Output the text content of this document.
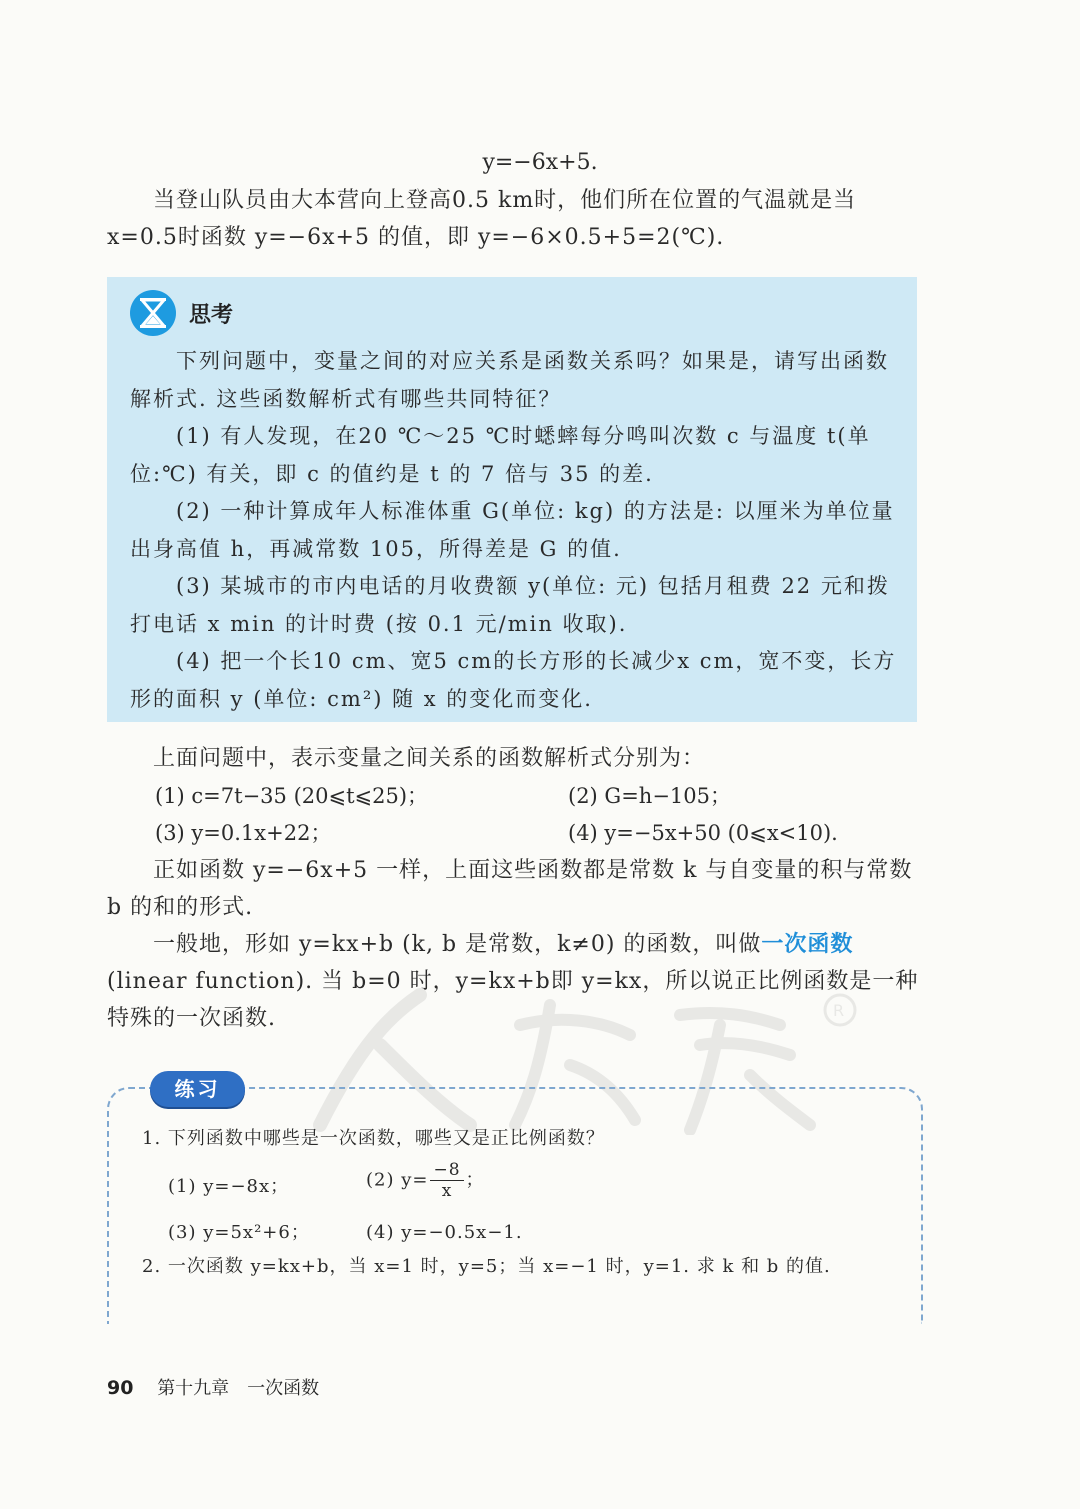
y=−6x+5.

当登山队员由大本营向上登高0.5 km时，他们所在位置的气温就是当x=0.5时函数 y=−6x+5 的值，即 y=−6×0.5+5=2(℃).

思考

下列问题中，变量之间的对应关系是函数关系吗？如果是，请写出函数解析式. 这些函数解析式有哪些共同特征？

(1) 有人发现，在20 ℃～25 ℃时蟋蟀每分鸣叫次数 c 与温度 t(单位:℃) 有关，即 c 的值约是 t 的 7 倍与 35 的差.

(2) 一种计算成年人标准体重 G(单位: kg) 的方法是: 以厘米为单位量出身高值 h，再减常数 105，所得差是 G 的值.

(3) 某城市的市内电话的月收费额 y(单位: 元) 包括月租费 22 元和拨打电话 x min 的计时费 (按 0.1 元/min 收取).

(4) 把一个长10 cm、宽5 cm的长方形的长减少x cm，宽不变，长方形的面积 y (单位: cm²) 随 x 的变化而变化.

上面问题中，表示变量之间关系的函数解析式分别为：

(1) c=7t−35 (20⩽t⩽25)；	(2) G=h−105；
(3) y=0.1x+22；	(4) y=−5x+50 (0⩽x<10).

正如函数 y=−6x+5 一样，上面这些函数都是常数 k 与自变量的积与常数 b 的和的形式.

一般地，形如 y=kx+b (k, b 是常数，k≠0) 的函数，叫做一次函数(linear function). 当 b=0 时，y=kx+b即 y=kx，所以说正比例函数是一种特殊的一次函数.	R
练习
1. 下列函数中哪些是一次函数，哪些又是正比例函数？
(1) y=−8x；	(2) $y= \frac{-8}{x}$ ；
(3) y=5x²+6；	(4) y=−0.5x−1.
2. 一次函数 y=kx+b，当 x=1 时，y=5；当 x=−1 时，y=1. 求 k 和 b 的值.
90 第十九章　一次函数
